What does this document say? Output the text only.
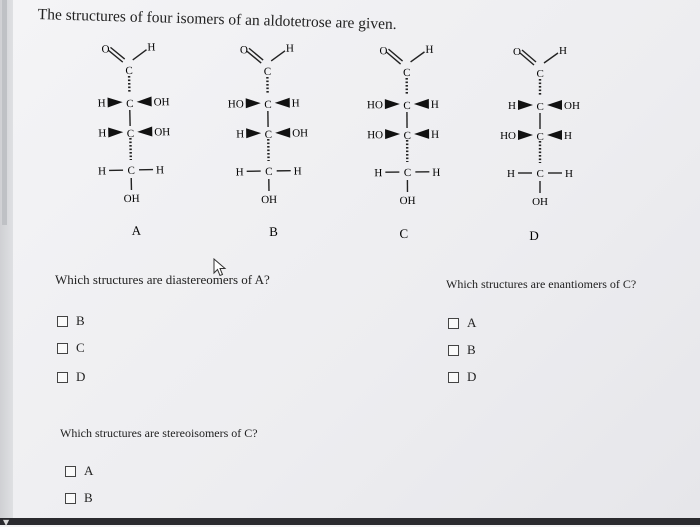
The structures of four isomers of an aldotetrose are given.
O	H
C
C
C
C
H	OH
H	OH
H	H
OH
A
O	H
C
C
C
C
HO	H
H	OH
H	H
OH
B
O	H
C
C
C
C
HO	H
HO	H
H	H
OH
C
O	H
C
C
C
C
H	OH
HO	H
H	H
OH
D
Which structures are diastereomers of A?
B
C
D
Which structures are enantiomers of C?
A
B
D
Which structures are stereoisomers of C?
A
B
▼
